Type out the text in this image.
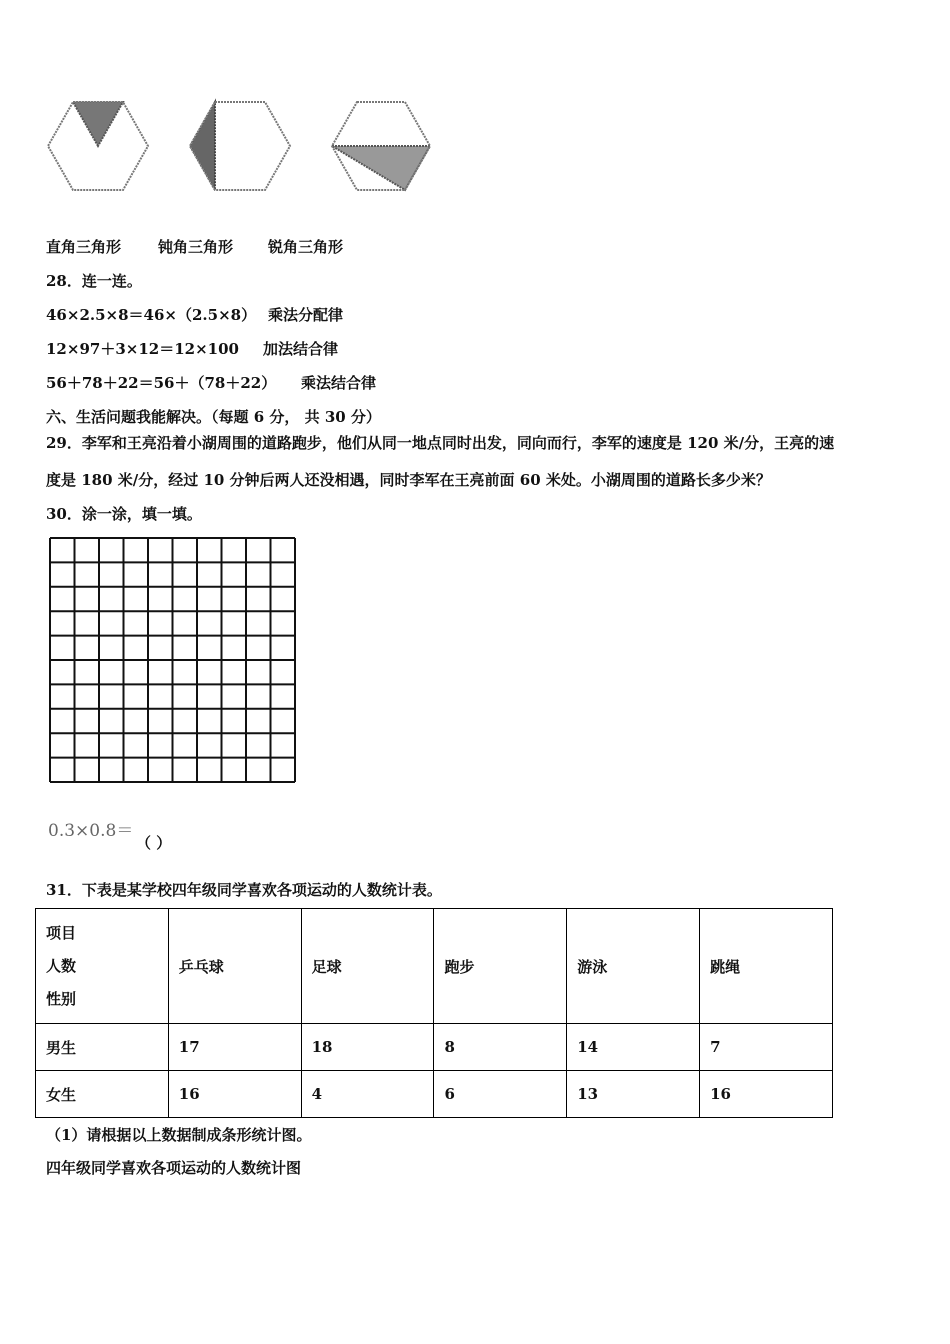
直角三角形 钝角三角形 锐角三角形
28．连一连。
46×2.5×8＝46×（2.5×8） 乘法分配律
12×97＋3×12＝12×100 加法结合律
56＋78＋22＝56＋（78＋22） 乘法结合律
六、生活问题我能解决。（每题 6 分， 共 30 分）
29．李军和王亮沿着小湖周围的道路跑步，他们从同一地点同时出发，同向而行，李军的速度是 120 米/分，王亮的速
度是 180 米/分，经过 10 分钟后两人还没相遇，同时李军在王亮前面 60 米处。小湖周围的道路长多少米？
30．涂一涂，填一填。
0.3×0.8＝
（ ）
31．下表是某学校四年级同学喜欢各项运动的人数统计表。
项目
人数
性别	乒乓球	足球	跑步	游泳	跳绳
男生	17	18	8	14	7
女生	16	4	6	13	16
（1）请根据以上数据制成条形统计图。
四年级同学喜欢各项运动的人数统计图
